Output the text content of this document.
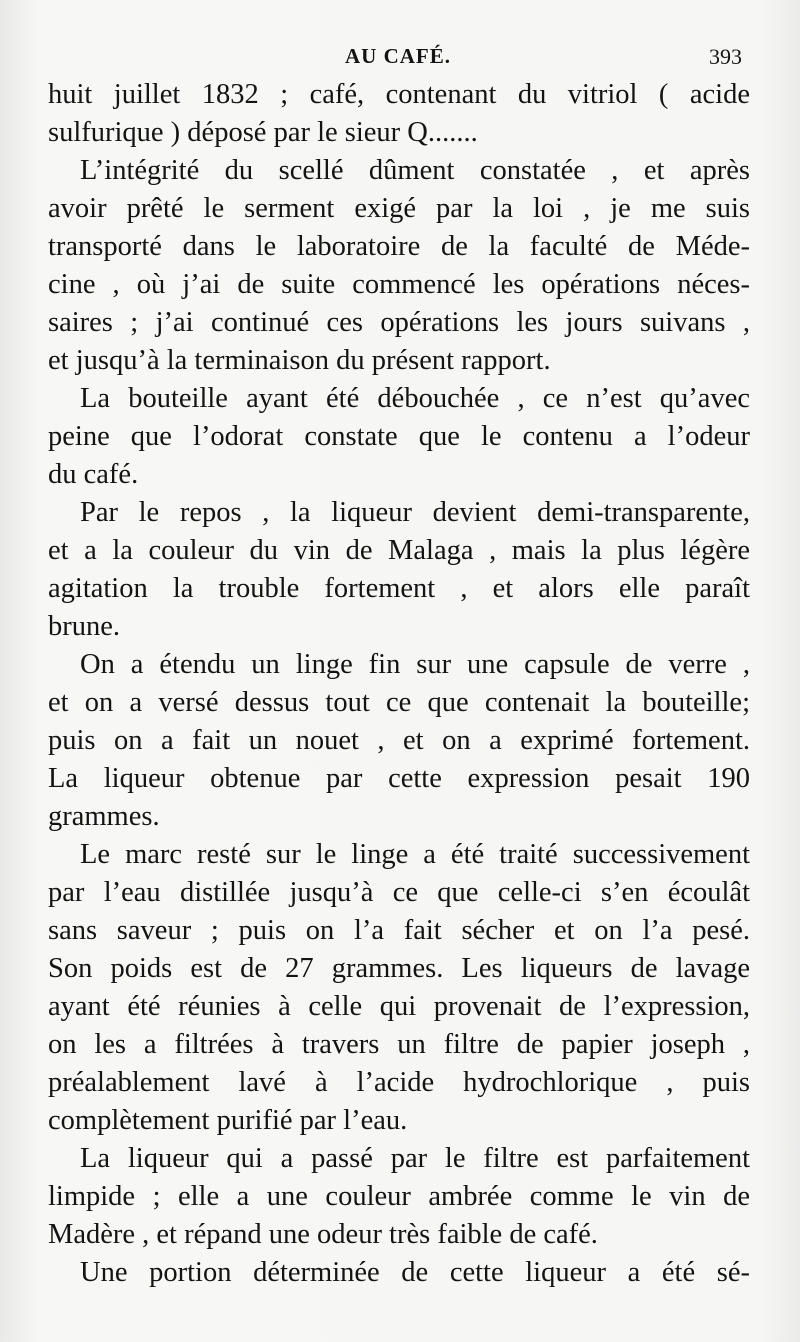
AU CAFÉ.	393
huit juillet 1832 ; café, contenant du vitriol ( acide
sulfurique ) déposé par le sieur Q.......
L’intégrité du scellé dûment constatée , et après
avoir prêté le serment exigé par la loi , je me suis
transporté dans le laboratoire de la faculté de Méde-
cine , où j’ai de suite commencé les opérations néces-
saires ; j’ai continué ces opérations les jours suivans ,
et jusqu’à la terminaison du présent rapport.
La bouteille ayant été débouchée , ce n’est qu’avec
peine que l’odorat constate que le contenu a l’odeur
du café.
Par le repos , la liqueur devient demi-transparente,
et a la couleur du vin de Malaga , mais la plus légère
agitation la trouble fortement , et alors elle paraît
brune.
On a étendu un linge fin sur une capsule de verre ,
et on a versé dessus tout ce que contenait la bouteille;
puis on a fait un nouet , et on a exprimé fortement.
La liqueur obtenue par cette expression pesait 190
grammes.
Le marc resté sur le linge a été traité successivement
par l’eau distillée jusqu’à ce que celle-ci s’en écoulât
sans saveur ; puis on l’a fait sécher et on l’a pesé.
Son poids est de 27 grammes. Les liqueurs de lavage
ayant été réunies à celle qui provenait de l’expression,
on les a filtrées à travers un filtre de papier joseph ,
préalablement lavé à l’acide hydrochlorique , puis
complètement purifié par l’eau.
La liqueur qui a passé par le filtre est parfaitement
limpide ; elle a une couleur ambrée comme le vin de
Madère , et répand une odeur très faible de café.
Une portion déterminée de cette liqueur a été sé-
